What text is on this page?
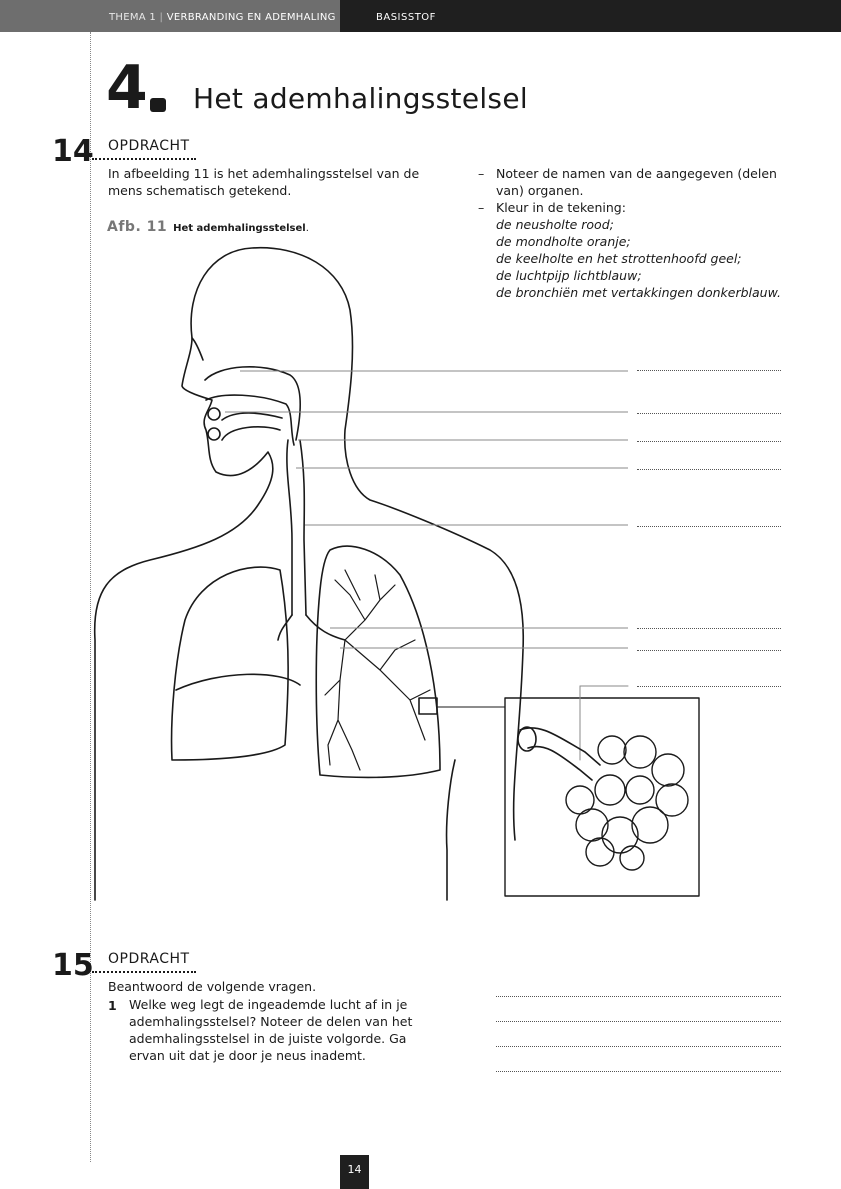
THEMA 1 | VERBRANDING EN ADEMHALING	BASISSTOF
4 Het ademhalingsstelsel
14 OPDRACHT
In afbeelding 11 is het ademhalingsstelsel van de
mens schematisch getekend.
Afb. 11 Het ademhalingsstelsel.
– Noteer de namen van de aangegeven (delen
van) organen.
– Kleur in de tekening:
de neusholte rood;
de mondholte oranje;
de keelholte en het strottenhoofd geel;
de luchtpijp lichtblauw;
de bronchiën met vertakkingen donkerblauw.
15 OPDRACHT
Beantwoord de volgende vragen.
1 Welke weg legt de ingeademde lucht af in je
ademhalingsstelsel? Noteer de delen van het
ademhalingsstelsel in de juiste volgorde. Ga
ervan uit dat je door je neus inademt.
14
